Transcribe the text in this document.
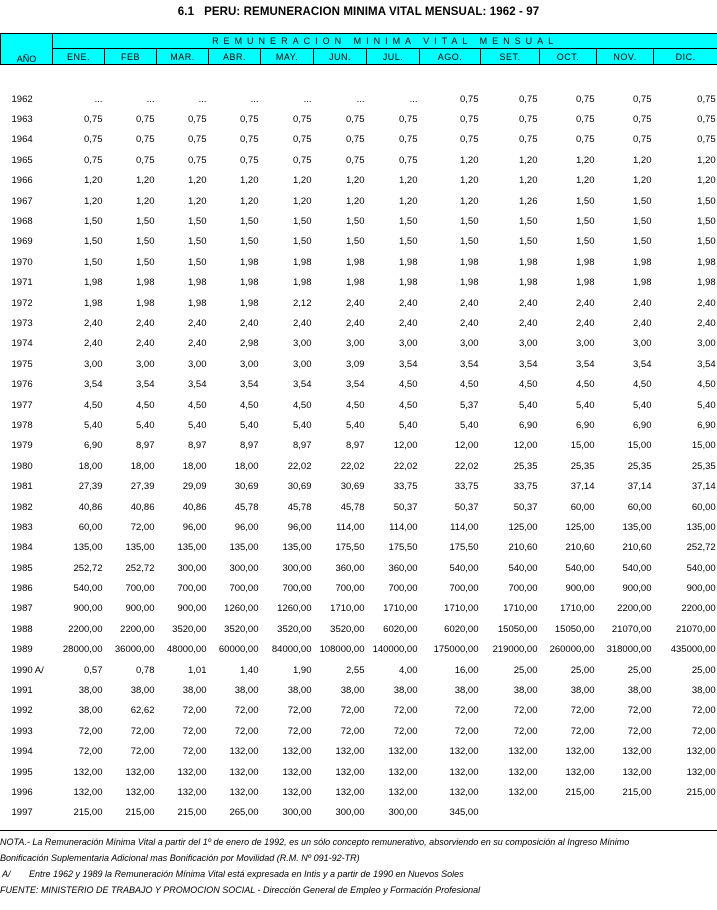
6.1 PERU: REMUNERACION MINIMA VITAL MENSUAL: 1962 - 97
AÑO	REMUNERACION MINIMA VITAL MENSUAL											
	ENE.	FEB	MAR.	ABR.	MAY.	JUN.	JUL.	AGO.	SET.	OCT.	NOV.	DIC.

1962	...	...	...	...	...	...	...	0,75	0,75	0,75	0,75	0,75
1963	0,75	0,75	0,75	0,75	0,75	0,75	0,75	0,75	0,75	0,75	0,75	0,75
1964	0,75	0,75	0,75	0,75	0,75	0,75	0,75	0,75	0,75	0,75	0,75	0,75
1965	0,75	0,75	0,75	0,75	0,75	0,75	0,75	1,20	1,20	1,20	1,20	1,20
1966	1,20	1,20	1,20	1,20	1,20	1,20	1,20	1,20	1,20	1,20	1,20	1,20
1967	1,20	1,20	1,20	1,20	1,20	1,20	1,20	1,20	1,26	1,50	1,50	1,50
1968	1,50	1,50	1,50	1,50	1,50	1,50	1,50	1,50	1,50	1,50	1,50	1,50
1969	1,50	1,50	1,50	1,50	1,50	1,50	1,50	1,50	1,50	1,50	1,50	1,50
1970	1,50	1,50	1,50	1,98	1,98	1,98	1,98	1,98	1,98	1,98	1,98	1,98
1971	1,98	1,98	1,98	1,98	1,98	1,98	1,98	1,98	1,98	1,98	1,98	1,98
1972	1,98	1,98	1,98	1,98	2,12	2,40	2,40	2,40	2,40	2,40	2,40	2,40
1973	2,40	2,40	2,40	2,40	2,40	2,40	2,40	2,40	2,40	2,40	2,40	2,40
1974	2,40	2,40	2,40	2,98	3,00	3,00	3,00	3,00	3,00	3,00	3,00	3,00
1975	3,00	3,00	3,00	3,00	3,00	3,09	3,54	3,54	3,54	3,54	3,54	3,54
1976	3,54	3,54	3,54	3,54	3,54	3,54	4,50	4,50	4,50	4,50	4,50	4,50
1977	4,50	4,50	4,50	4,50	4,50	4,50	4,50	5,37	5,40	5,40	5,40	5,40
1978	5,40	5,40	5,40	5,40	5,40	5,40	5,40	5,40	6,90	6,90	6,90	6,90
1979	6,90	8,97	8,97	8,97	8,97	8,97	12,00	12,00	12,00	15,00	15,00	15,00
1980	18,00	18,00	18,00	18,00	22,02	22,02	22,02	22,02	25,35	25,35	25,35	25,35
1981	27,39	27,39	29,09	30,69	30,69	30,69	33,75	33,75	33,75	37,14	37,14	37,14
1982	40,86	40,86	40,86	45,78	45,78	45,78	50,37	50,37	50,37	60,00	60,00	60,00
1983	60,00	72,00	96,00	96,00	96,00	114,00	114,00	114,00	125,00	125,00	135,00	135,00
1984	135,00	135,00	135,00	135,00	135,00	175,50	175,50	175,50	210,60	210,60	210,60	252,72
1985	252,72	252,72	300,00	300,00	300,00	360,00	360,00	540,00	540,00	540,00	540,00	540,00
1986	540,00	700,00	700,00	700,00	700,00	700,00	700,00	700,00	700,00	900,00	900,00	900,00
1987	900,00	900,00	900,00	1260,00	1260,00	1710,00	1710,00	1710,00	1710,00	1710,00	2200,00	2200,00
1988	2200,00	2200,00	3520,00	3520,00	3520,00	3520,00	6020,00	6020,00	15050,00	15050,00	21070,00	21070,00
1989	28000,00	36000,00	48000,00	60000,00	84000,00	108000,00	140000,00	175000,00	219000,00	260000,00	318000,00	435000,00
1990 A/	0,57	0,78	1,01	1,40	1,90	2,55	4,00	16,00	25,00	25,00	25,00	25,00
1991	38,00	38,00	38,00	38,00	38,00	38,00	38,00	38,00	38,00	38,00	38,00	38,00
1992	38,00	62,62	72,00	72,00	72,00	72,00	72,00	72,00	72,00	72,00	72,00	72,00
1993	72,00	72,00	72,00	72,00	72,00	72,00	72,00	72,00	72,00	72,00	72,00	72,00
1994	72,00	72,00	72,00	132,00	132,00	132,00	132,00	132,00	132,00	132,00	132,00	132,00
1995	132,00	132,00	132,00	132,00	132,00	132,00	132,00	132,00	132,00	132,00	132,00	132,00
1996	132,00	132,00	132,00	132,00	132,00	132,00	132,00	132,00	132,00	215,00	215,00	215,00
1997	215,00	215,00	215,00	265,00	300,00	300,00	300,00	345,00				

NOTA.- La Remuneración Mínima Vital a partir del 1º de enero de 1992, es un sólo concepto remunerativo, absorviendo en su composición al Ingreso Mínimo

Bonificación Suplementaria Adicional mas Bonificación por Movilidad (R.M. Nº 091-92-TR)

A/ Entre 1962 y 1989 la Remuneración Mínima Vital está expresada en Intis y a partir de 1990 en Nuevos Soles

FUENTE: MINISTERIO DE TRABAJO Y PROMOCION SOCIAL - Dirección General de Empleo y Formación Profesional
